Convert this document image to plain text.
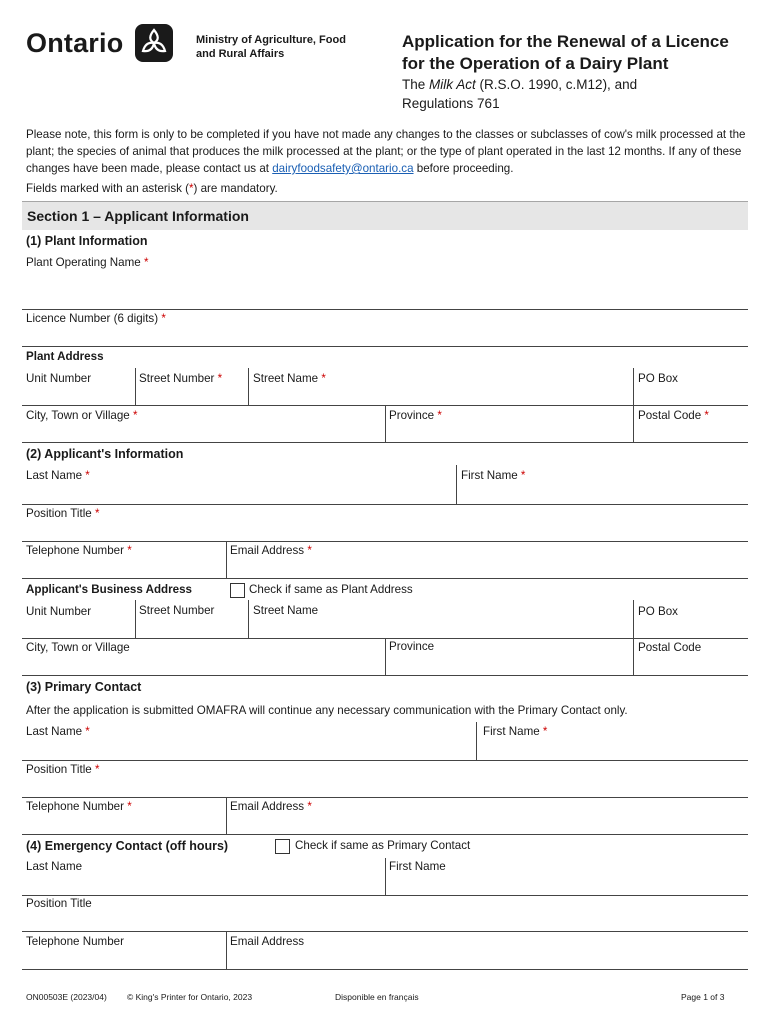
Ontario	Ministry of Agriculture, Food
and Rural Affairs
Application for the Renewal of a Licence
for the Operation of a Dairy Plant
The Milk Act (R.S.O. 1990, c.M12), and
Regulations 761
Please note, this form is only to be completed if you have not made any changes to the classes or subclasses of cow's milk processed at the plant; the species of animal that produces the milk processed at the plant; or the type of plant operated in the last 12 months. If any of these changes have been made, please contact us at dairyfoodsafety@ontario.ca before proceeding.
Fields marked with an asterisk (*) are mandatory.
Section 1 – Applicant Information
(1) Plant Information
Plant Operating Name *
Licence Number (6 digits) *
Plant Address
Unit Number	Street Number *	Street Name *	PO Box
City, Town or Village *	Province *	Postal Code *
(2) Applicant's Information
Last Name *	First Name *
Position Title *
Telephone Number *	Email Address *
Applicant's Business Address	Check if same as Plant Address
Unit Number	Street Number	Street Name	PO Box
City, Town or Village	Province	Postal Code
(3) Primary Contact
After the application is submitted OMAFRA will continue any necessary communication with the Primary Contact only.
Last Name *	First Name *
Position Title *
Telephone Number *	Email Address *
(4) Emergency Contact (off hours)	Check if same as Primary Contact
Last Name	First Name
Position Title
Telephone Number	Email Address
ON00503E (2023/04) © King's Printer for Ontario, 2023	Disponible en français	Page 1 of 3
